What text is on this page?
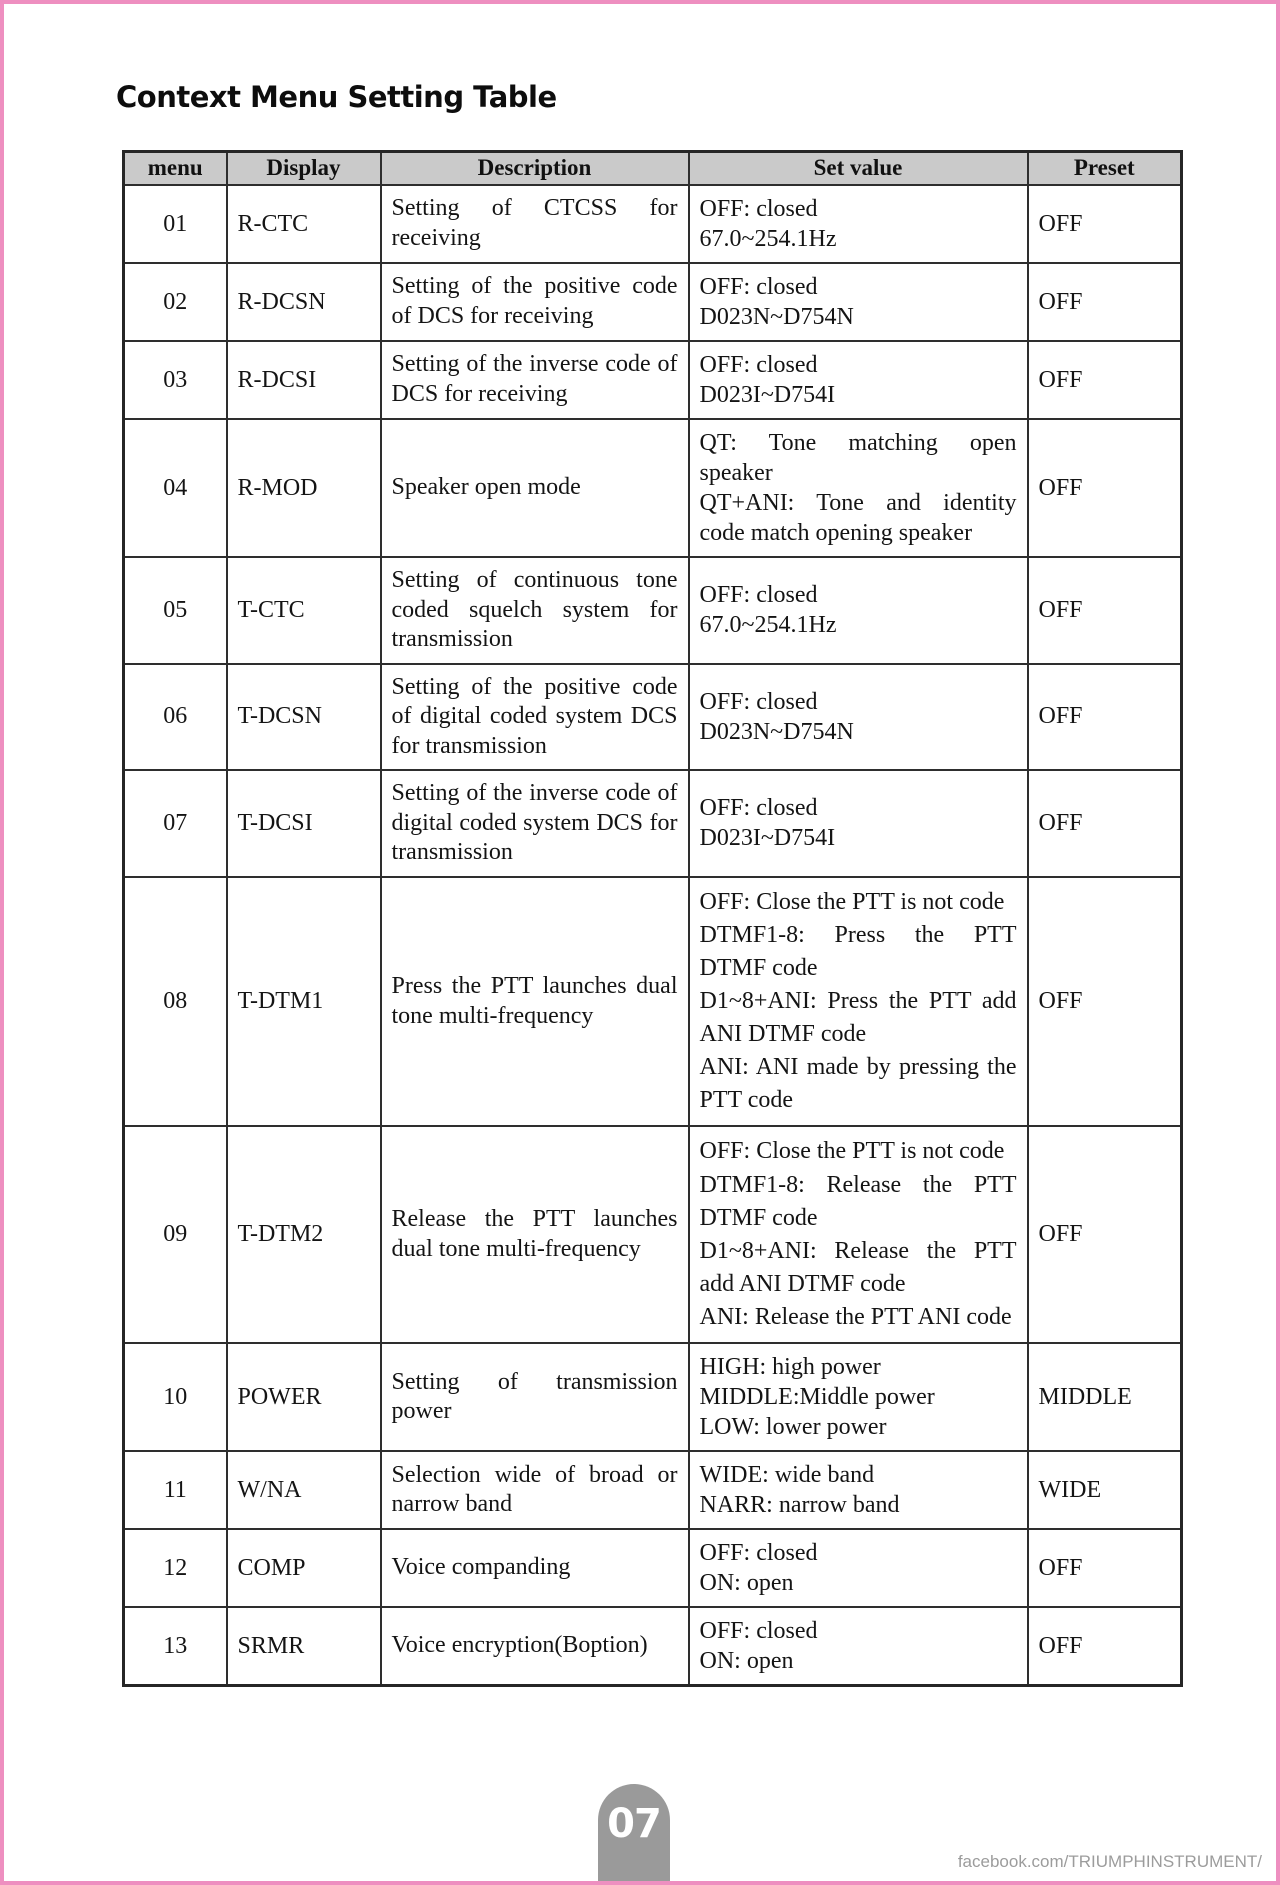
Context Menu Setting Table
menu	Display	Description	Set value	Preset
01	R-CTC	Setting of CTCSS for receiving	OFF: closed
67.0~254.1Hz	OFF
02	R-DCSN	Setting of the positive code of DCS for receiving	OFF: closed
D023N~D754N	OFF
03	R-DCSI	Setting of the inverse code of DCS for receiving	OFF: closed
D023I~D754I	OFF
04	R-MOD	Speaker open mode	QT: Tone matching open speaker
QT+ANI: Tone and identity code match opening speaker	OFF
05	T-CTC	Setting of continuous tone coded squelch system for transmission	OFF: closed
67.0~254.1Hz	OFF
06	T-DCSN	Setting of the positive code of digital coded system DCS for transmission	OFF: closed
D023N~D754N	OFF
07	T-DCSI	Setting of the inverse code of digital coded system DCS for transmission	OFF: closed
D023I~D754I	OFF
08	T-DTM1	Press the PTT launches dual tone multi-frequency	OFF: Close the PTT is not code
DTMF1-8: Press the PTT DTMF code
D1~8+ANI: Press the PTT add ANI DTMF code
ANI: ANI made by pressing the PTT code	OFF
09	T-DTM2	Release the PTT launches dual tone multi-frequency	OFF: Close the PTT is not code
DTMF1-8: Release the PTT DTMF code
D1~8+ANI: Release the PTT add ANI DTMF code
ANI: Release the PTT ANI code	OFF
10	POWER	Setting of transmission power	HIGH: high power
MIDDLE:Middle power
LOW: lower power	MIDDLE
11	W/NA	Selection wide of broad or narrow band	WIDE: wide band
NARR: narrow band	WIDE
12	COMP	Voice companding	OFF: closed
ON: open	OFF
13	SRMR	Voice encryption(Boption)	OFF: closed
ON: open	OFF
07
facebook.com/TRIUMPHINSTRUMENT/
